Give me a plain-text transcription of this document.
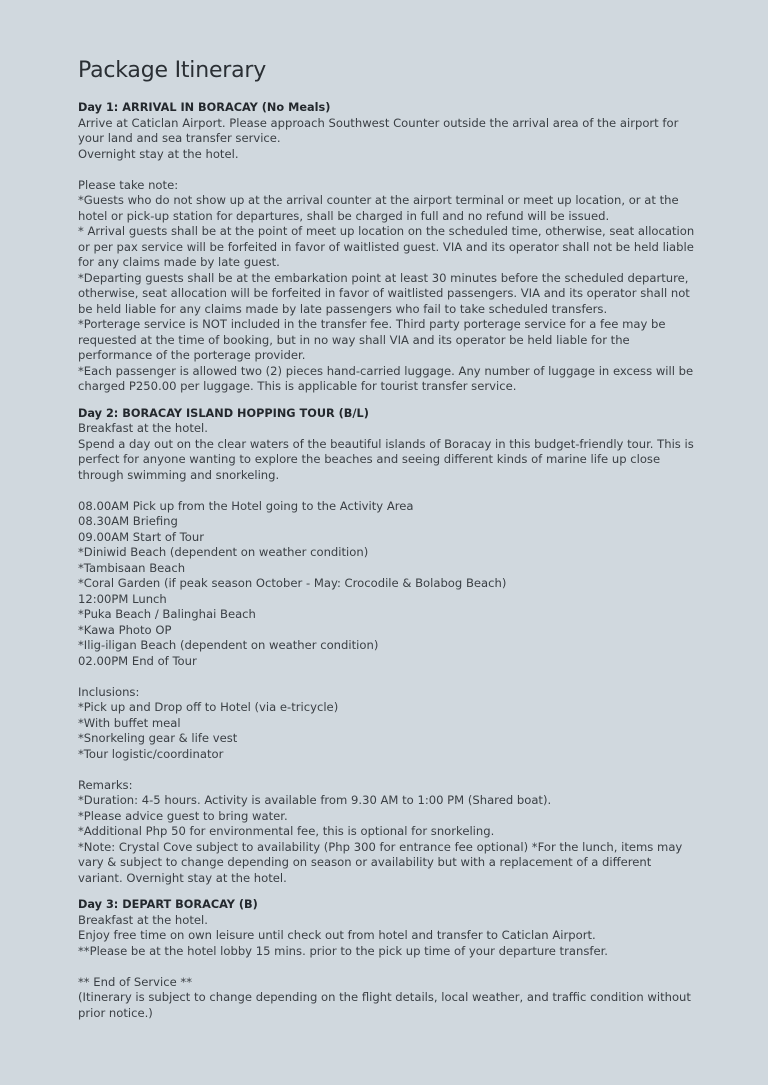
Package Itinerary

Day 1: ARRIVAL IN BORACAY (No Meals)

Arrive at Caticlan Airport. Please approach Southwest Counter outside the arrival area of the airport for your land and sea transfer service.

Overnight stay at the hotel.

Please take note:

*Guests who do not show up at the arrival counter at the airport terminal or meet up location, or at the hotel or pick-up station for departures, shall be charged in full and no refund will be issued.

* Arrival guests shall be at the point of meet up location on the scheduled time, otherwise, seat allocation or per pax service will be forfeited in favor of waitlisted guest. VIA and its operator shall not be held liable for any claims made by late guest.

*Departing guests shall be at the embarkation point at least 30 minutes before the scheduled departure, otherwise, seat allocation will be forfeited in favor of waitlisted passengers. VIA and its operator shall not be held liable for any claims made by late passengers who fail to take scheduled transfers.

*Porterage service is NOT included in the transfer fee. Third party porterage service for a fee may be requested at the time of booking, but in no way shall VIA and its operator be held liable for the performance of the porterage provider.

*Each passenger is allowed two (2) pieces hand-carried luggage. Any number of luggage in excess will be charged P250.00 per luggage. This is applicable for tourist transfer service.

Day 2: BORACAY ISLAND HOPPING TOUR (B/L)

Breakfast at the hotel.

Spend a day out on the clear waters of the beautiful islands of Boracay in this budget-friendly tour. This is perfect for anyone wanting to explore the beaches and seeing different kinds of marine life up close through swimming and snorkeling.

08.00AM Pick up from the Hotel going to the Activity Area

08.30AM Briefing

09.00AM Start of Tour

*Diniwid Beach (dependent on weather condition)

*Tambisaan Beach

*Coral Garden (if peak season October - May: Crocodile & Bolabog Beach)

12:00PM Lunch

*Puka Beach / Balinghai Beach

*Kawa Photo OP

*Ilig-iligan Beach (dependent on weather condition)

02.00PM End of Tour

Inclusions:

*Pick up and Drop off to Hotel (via e-tricycle)

*With buffet meal

*Snorkeling gear & life vest

*Tour logistic/coordinator

Remarks:

*Duration: 4-5 hours. Activity is available from 9.30 AM to 1:00 PM (Shared boat).

*Please advice guest to bring water.

*Additional Php 50 for environmental fee, this is optional for snorkeling.

*Note: Crystal Cove subject to availability (Php 300 for entrance fee optional) *For the lunch, items may vary & subject to change depending on season or availability but with a replacement of a different variant. Overnight stay at the hotel.

Day 3: DEPART BORACAY (B)

Breakfast at the hotel.

Enjoy free time on own leisure until check out from hotel and transfer to Caticlan Airport.

**Please be at the hotel lobby 15 mins. prior to the pick up time of your departure transfer.

** End of Service **

(Itinerary is subject to change depending on the flight details, local weather, and traffic condition without prior notice.)
